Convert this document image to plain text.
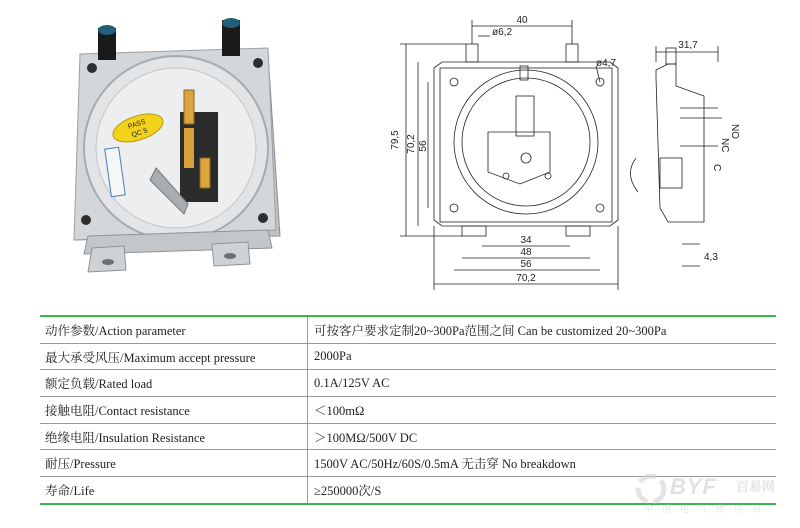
PASS
QC 5
40
ø6,2
ø4,7
31,7
79,5 70,2 56
34
48
56
70,2
4,3
NC
NO
C
动作参数/Action parameter	可按客户要求定制20~300Pa范围之间 Can be customized 20~300Pa
最大承受风压/Maximum accept pressure	2000Pa
额定负载/Rated load	0.1A/125V AC
接触电阻/Contact resistance	＜100mΩ
绝缘电阻/Insulation Resistance	＞100MΩ/500V DC
耐压/Pressure	1500V AC/50Hz/60S/0.5mA 无击穿 No breakdown
寿命/Life	≥250000次/S	BYF 百易网
中国电气供应商
